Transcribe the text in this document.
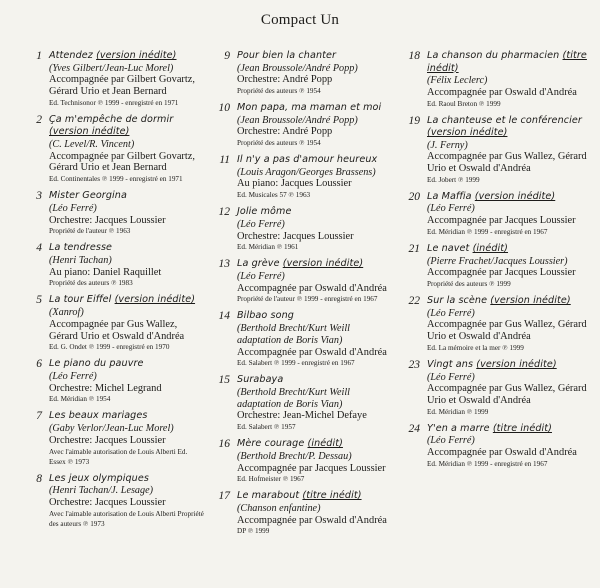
Compact Un
1 Attendez (version inédite)
(Yves Gilbert/Jean-Luc Morel)
Accompagnée par Gilbert Govartz, Gérard Urio et Jean Bernard
Ed. Technisonor ℗ 1999 - enregistré en 1971
2 Ça m'empêche de dormir (version inédite)
(C. Level/R. Vincent)
Accompagnée par Gilbert Govartz, Gérard Urio et Jean Bernard
Ed. Continentales ℗ 1999 - enregistré en 1971
3 Mister Georgina
(Léo Ferré)
Orchestre: Jacques Loussier
Propriété de l'auteur ℗ 1963
4 La tendresse
(Henri Tachan)
Au piano: Daniel Raquillet
Propriété des auteurs ℗ 1983
5 La tour Eiffel (version inédite)
(Xanrof)
Accompagnée par Gus Wallez, Gérard Urio et Oswald d'Andréa
Ed. G. Ondet ℗ 1999 - enregistré en 1970
6 Le piano du pauvre
(Léo Ferré)
Orchestre: Michel Legrand
Ed. Méridian ℗ 1954
7 Les beaux mariages
(Gaby Verlor/Jean-Luc Morel)
Orchestre: Jacques Loussier
Avec l'aimable autorisation de Louis Alberti Ed. Essex ℗ 1973
8 Les jeux olympiques
(Henri Tachan/J. Lesage)
Orchestre: Jacques Loussier
Avec l'aimable autorisation de Louis Alberti Propriété des auteurs ℗ 1973
9 Pour bien la chanter
(Jean Broussole/André Popp)
Orchestre: André Popp
Propriété des auteurs ℗ 1954
10 Mon papa, ma maman et moi
(Jean Broussole/André Popp)
Orchestre: André Popp
Propriété des auteurs ℗ 1954
11 Il n'y a pas d'amour heureux
(Louis Aragon/Georges Brassens)
Au piano: Jacques Loussier
Ed. Musicales 57 ℗ 1963
12 Jolie môme
(Léo Ferré)
Orchestre: Jacques Loussier
Ed. Méridian ℗ 1961
13 La grève (version inédite)
(Léo Ferré)
Accompagnée par Oswald d'Andréa
Propriété de l'auteur ℗ 1999 - enregistré en 1967
14 Bilbao song
(Berthold Brecht/Kurt Weill adaptation de Boris Vian)
Accompagnée par Oswald d'Andréa
Ed. Salabert ℗ 1999 - enregistré en 1967
15 Surabaya
(Berthold Brecht/Kurt Weill adaptation de Boris Vian)
Orchestre: Jean-Michel Defaye
Ed. Salabert ℗ 1957
16 Mère courage (inédit)
(Berthold Brecht/P. Dessau)
Accompagnée par Jacques Loussier
Ed. Hofmeister ℗ 1967
17 Le marabout (titre inédit)
(Chanson enfantine)
Accompagnée par Oswald d'Andréa
DP ℗ 1999
18 La chanson du pharmacien (titre inédit)
(Félix Leclerc)
Accompagnée par Oswald d'Andréa
Ed. Raoul Breton ℗ 1999
19 La chanteuse et le conférencier (version inédite)
(J. Ferny)
Accompagnée par Gus Wallez, Gérard Urio et Oswald d'Andréa
Ed. Jobert ℗ 1999
20 La Maffia (version inédite)
(Léo Ferré)
Accompagnée par Jacques Loussier
Ed. Méridian ℗ 1999 - enregistré en 1967
21 Le navet (inédit)
(Pierre Frachet/Jacques Loussier)
Accompagnée par Jacques Loussier
Propriété des auteurs ℗ 1999
22 Sur la scène (version inédite)
(Léo Ferré)
Accompagnée par Gus Wallez, Gérard Urio et Oswald d'Andréa
Ed. La mémoire et la mer ℗ 1999
23 Vingt ans (version inédite)
(Léo Ferré)
Accompagnée par Gus Wallez, Gérard Urio et Oswald d'Andréa
Ed. Méridian ℗ 1999
24 Y'en a marre (titre inédit)
(Léo Ferré)
Accompagnée par Oswald d'Andréa
Ed. Méridian ℗ 1999 - enregistré en 1967
